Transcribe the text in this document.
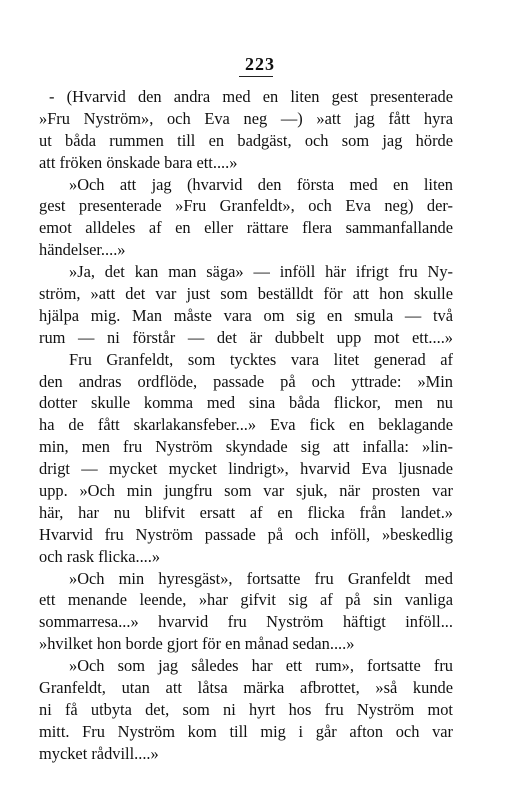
223
- (Hvarvid den andra med en liten gest presenterade
»Fru Nyström», och Eva neg —) »att jag fått hyra
ut båda rummen till en badgäst, och som jag hörde
att fröken önskade bara ett....»
»Och att jag (hvarvid den första med en liten
gest presenterade »Fru Granfeldt», och Eva neg) der-
emot alldeles af en eller rättare flera sammanfallande
händelser....»
»Ja, det kan man säga» — inföll här ifrigt fru Ny-
ström, »att det var just som beställdt för att hon skulle
hjälpa mig. Man måste vara om sig en smula — två
rum — ni förstår — det är dubbelt upp mot ett....»
Fru Granfeldt, som tycktes vara litet generad af
den andras ordflöde, passade på och yttrade: »Min
dotter skulle komma med sina båda flickor, men nu
ha de fått skarlakansfeber...» Eva fick en beklagande
min, men fru Nyström skyndade sig att infalla: »lin-
drigt — mycket mycket lindrigt», hvarvid Eva ljusnade
upp. »Och min jungfru som var sjuk, när prosten var
här, har nu blifvit ersatt af en flicka från landet.»
Hvarvid fru Nyström passade på och inföll, »beskedlig
och rask flicka....»
»Och min hyresgäst», fortsatte fru Granfeldt med
ett menande leende, »har gifvit sig af på sin vanliga
sommarresa...» hvarvid fru Nyström häftigt inföll...
»hvilket hon borde gjort för en månad sedan....»
»Och som jag således har ett rum», fortsatte fru
Granfeldt, utan att låtsa märka afbrottet, »så kunde
ni få utbyta det, som ni hyrt hos fru Nyström mot
mitt. Fru Nyström kom till mig i går afton och var
mycket rådvill....»
